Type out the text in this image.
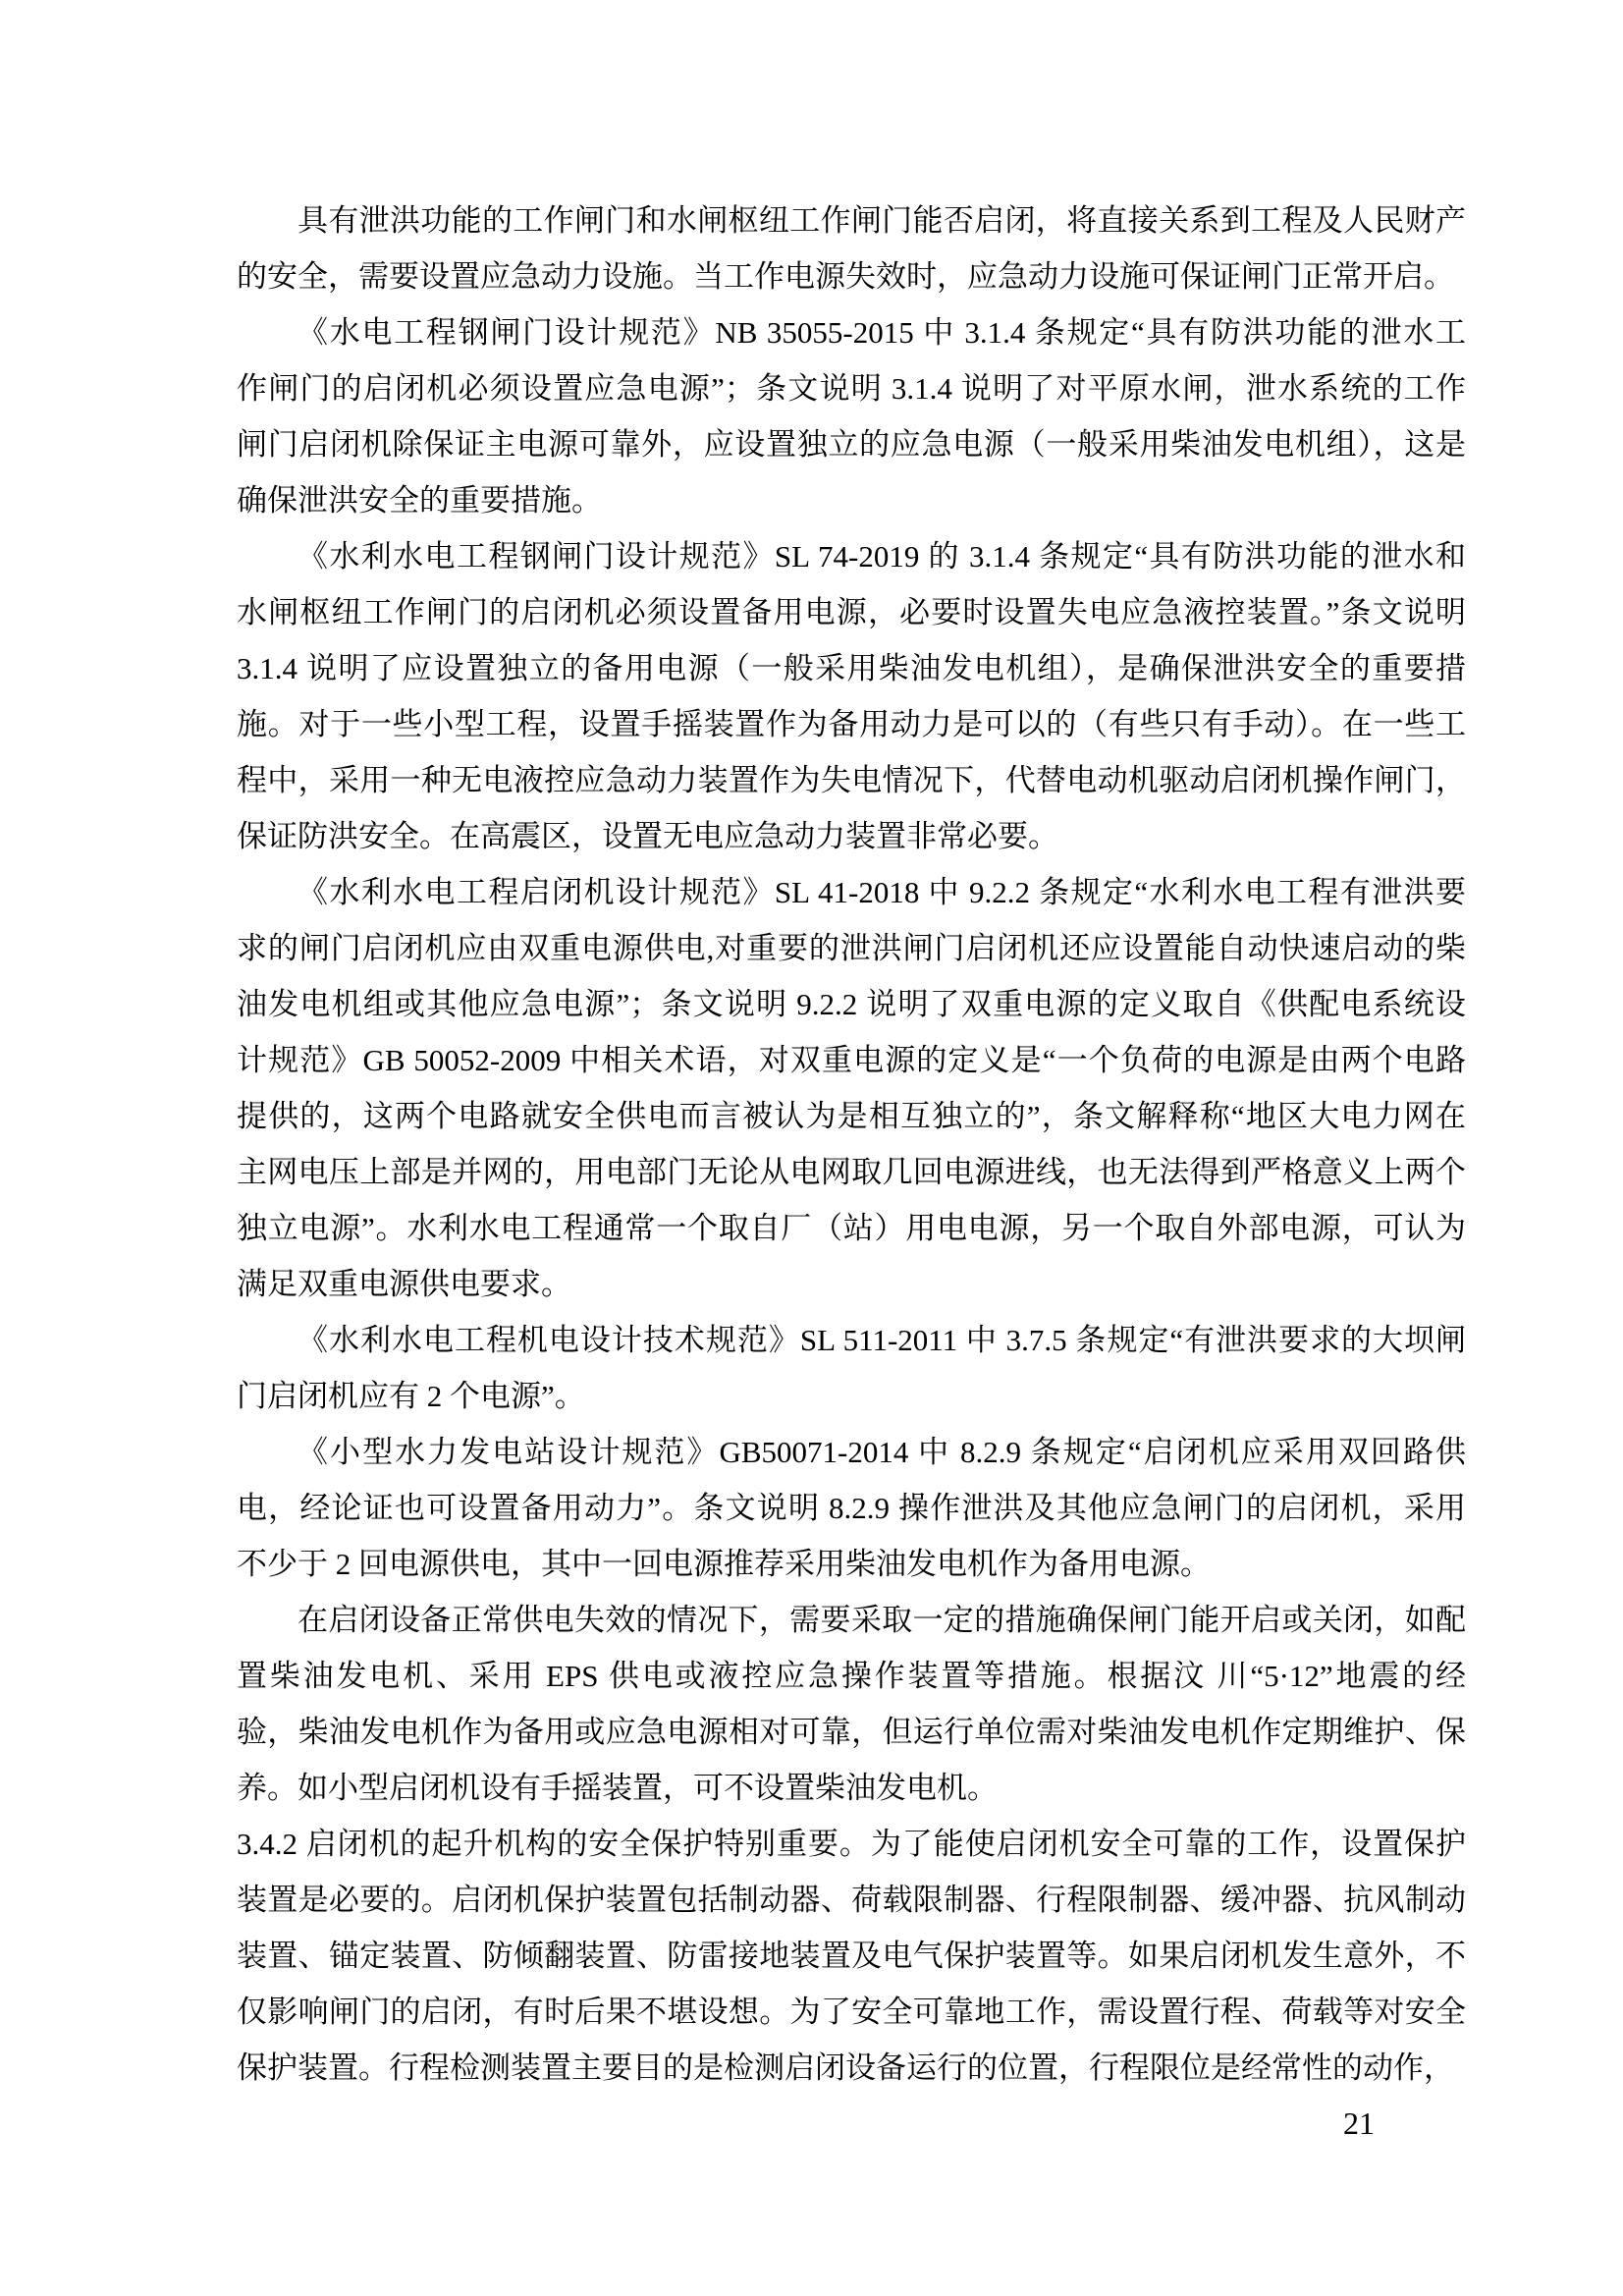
具有泄洪功能的工作闸门和水闸枢纽工作闸门能否启闭，将直接关系到工程及人民财产
的安全，需要设置应急动力设施。当工作电源失效时，应急动力设施可保证闸门正常开启。
《水电工程钢闸门设计规范》NB 35055-2015 中 3.1.4 条规定“具有防洪功能的泄水工
作闸门的启闭机必须设置应急电源”；条文说明 3.1.4 说明了对平原水闸，泄水系统的工作
闸门启闭机除保证主电源可靠外，应设置独立的应急电源（一般采用柴油发电机组），这是
确保泄洪安全的重要措施。
《水利水电工程钢闸门设计规范》SL 74-2019 的 3.1.4 条规定“具有防洪功能的泄水和
水闸枢纽工作闸门的启闭机必须设置备用电源，必要时设置失电应急液控装置。”条文说明
3.1.4 说明了应设置独立的备用电源（一般采用柴油发电机组），是确保泄洪安全的重要措
施。对于一些小型工程，设置手摇装置作为备用动力是可以的（有些只有手动）。在一些工
程中，采用一种无电液控应急动力装置作为失电情况下，代替电动机驱动启闭机操作闸门，
保证防洪安全。在高震区，设置无电应急动力装置非常必要。
《水利水电工程启闭机设计规范》SL 41-2018 中 9.2.2 条规定“水利水电工程有泄洪要
求的闸门启闭机应由双重电源供电,对重要的泄洪闸门启闭机还应设置能自动快速启动的柴
油发电机组或其他应急电源”；条文说明 9.2.2 说明了双重电源的定义取自《供配电系统设
计规范》GB 50052-2009 中相关术语，对双重电源的定义是“一个负荷的电源是由两个电路
提供的，这两个电路就安全供电而言被认为是相互独立的”，条文解释称“地区大电力网在
主网电压上部是并网的，用电部门无论从电网取几回电源进线，也无法得到严格意义上两个
独立电源”。水利水电工程通常一个取自厂（站）用电电源，另一个取自外部电源，可认为
满足双重电源供电要求。
《水利水电工程机电设计技术规范》SL 511-2011 中 3.7.5 条规定“有泄洪要求的大坝闸
门启闭机应有 2 个电源”。
《小型水力发电站设计规范》GB50071-2014 中 8.2.9 条规定“启闭机应采用双回路供
电，经论证也可设置备用动力”。条文说明 8.2.9 操作泄洪及其他应急闸门的启闭机，采用
不少于 2 回电源供电，其中一回电源推荐采用柴油发电机作为备用电源。
在启闭设备正常供电失效的情况下，需要采取一定的措施确保闸门能开启或关闭，如配
置柴油发电机、采用 EPS 供电或液控应急操作装置等措施。根据汶 川“5·12”地震的经
验，柴油发电机作为备用或应急电源相对可靠，但运行单位需对柴油发电机作定期维护、保
养。如小型启闭机设有手摇装置，可不设置柴油发电机。
3.4.2 启闭机的起升机构的安全保护特别重要。为了能使启闭机安全可靠的工作，设置保护
装置是必要的。启闭机保护装置包括制动器、荷载限制器、行程限制器、缓冲器、抗风制动
装置、锚定装置、防倾翻装置、防雷接地装置及电气保护装置等。如果启闭机发生意外，不
仅影响闸门的启闭，有时后果不堪设想。为了安全可靠地工作，需设置行程、荷载等对安全
保护装置。行程检测装置主要目的是检测启闭设备运行的位置，行程限位是经常性的动作，
21
